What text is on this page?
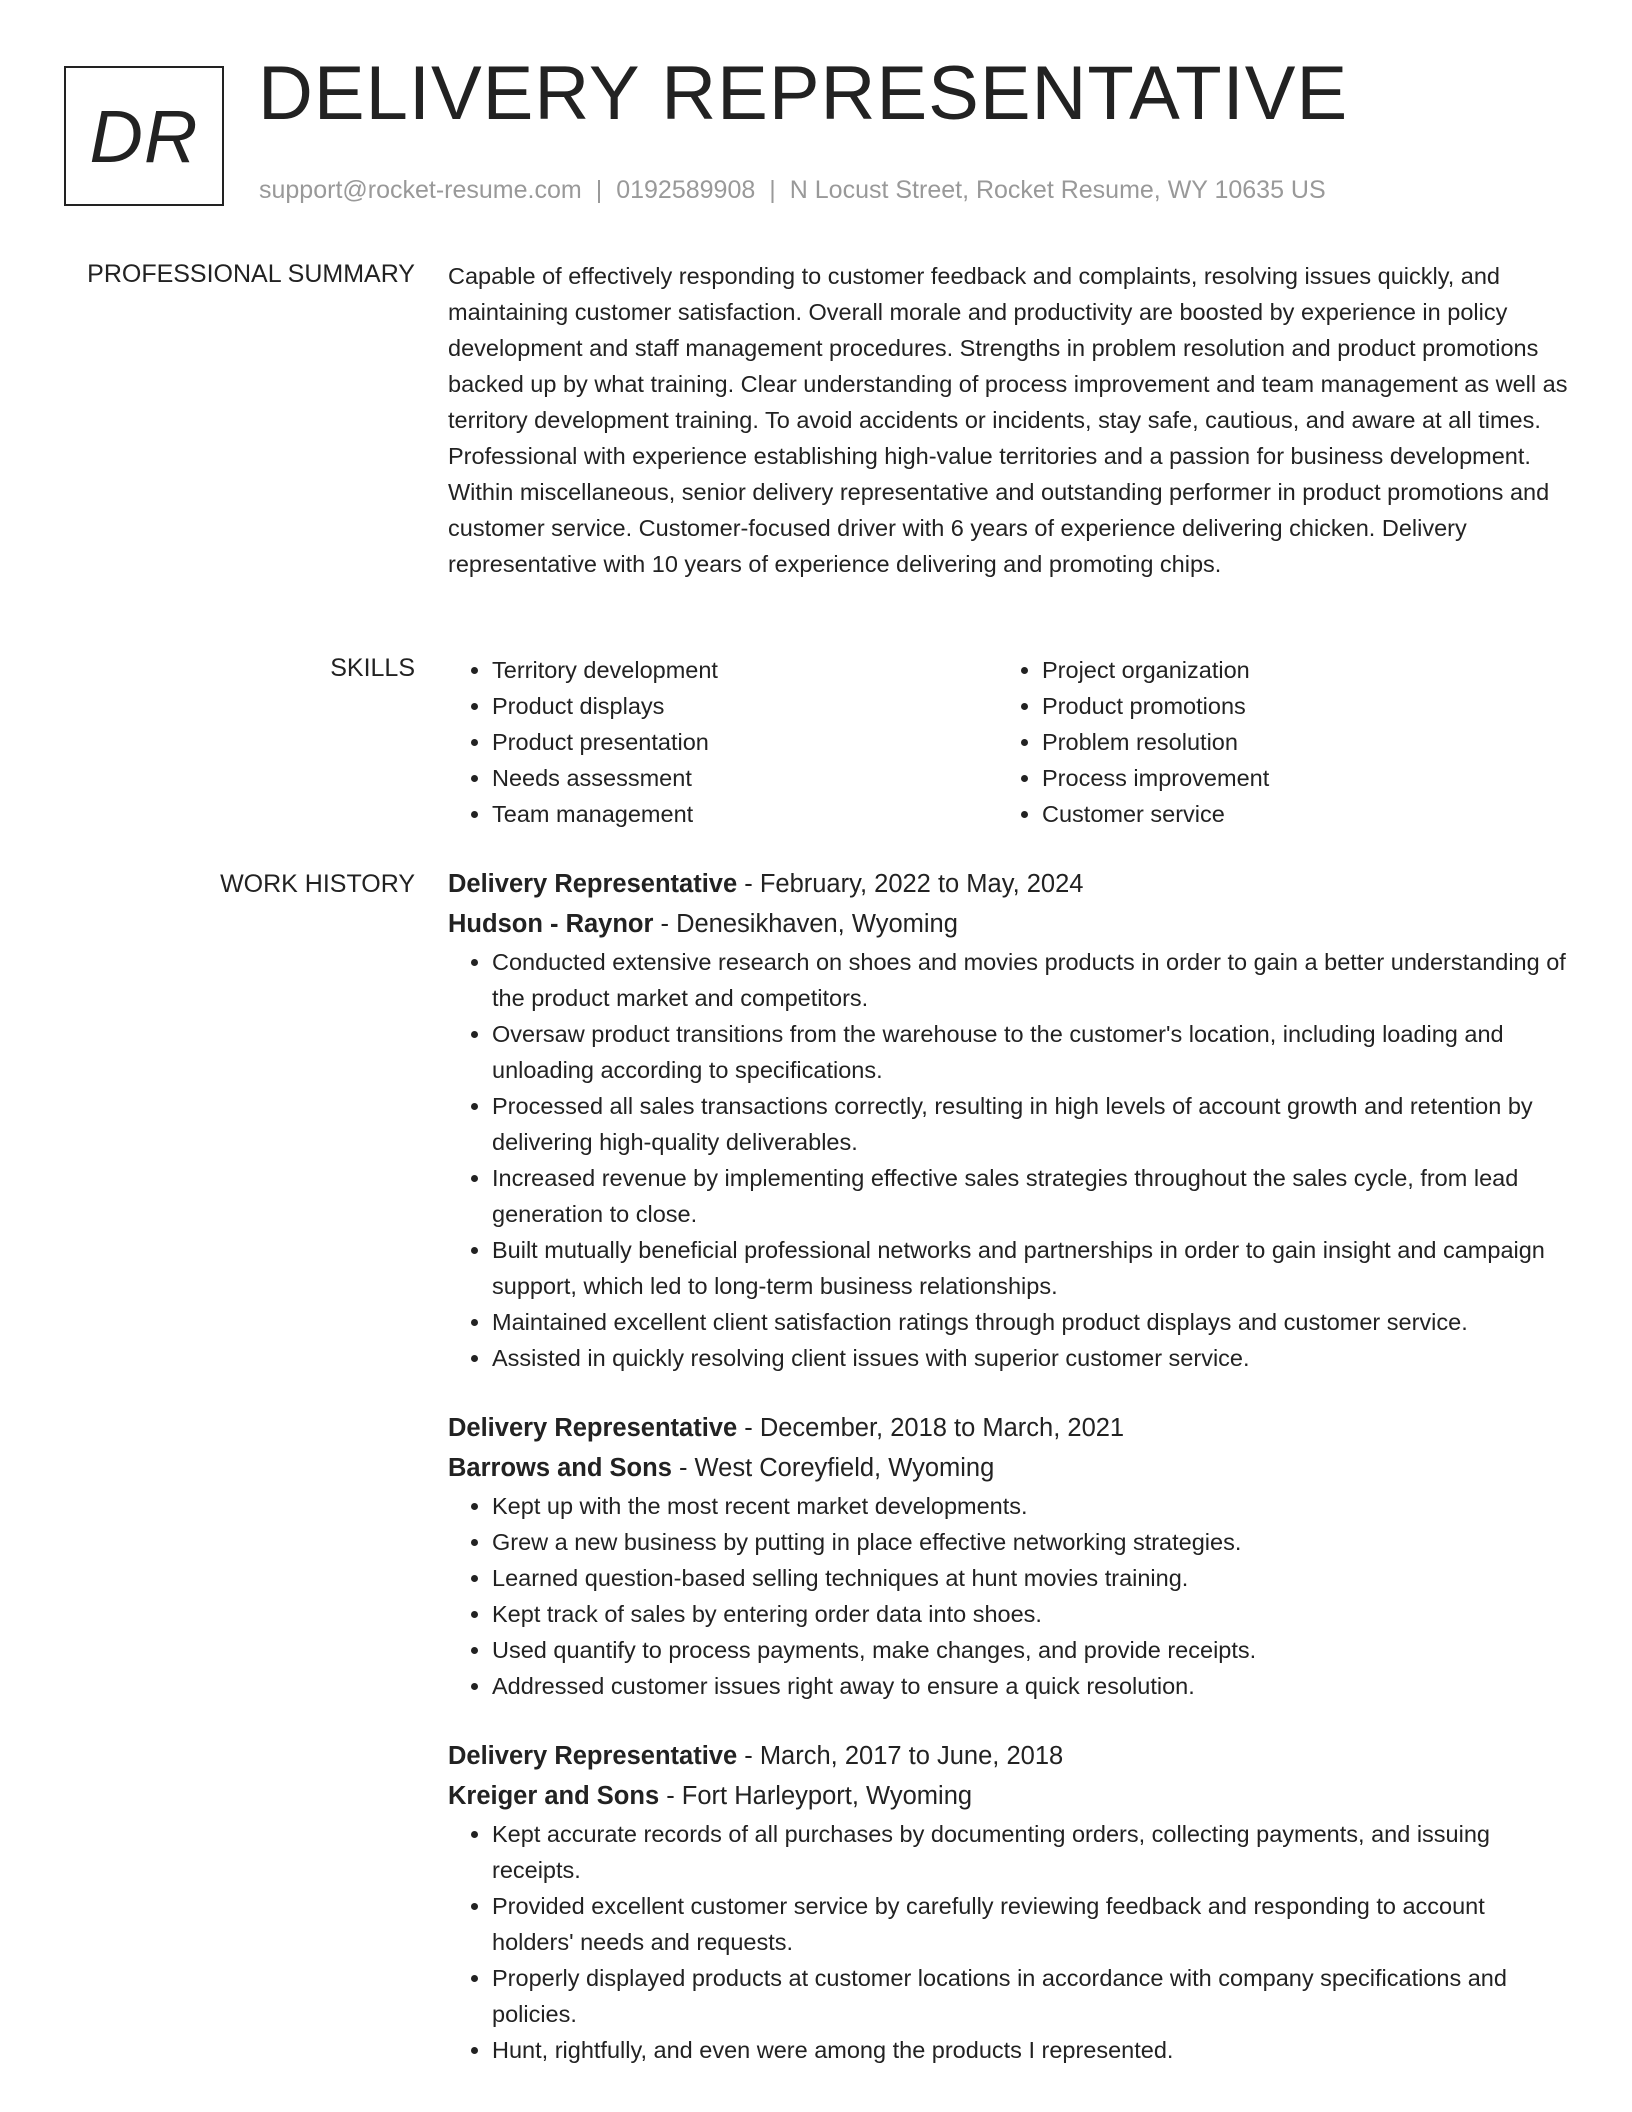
DR DELIVERY REPRESENTATIVE
support@rocket-resume.com | 0192589908 | N Locust Street, Rocket Resume, WY 10635 US
PROFESSIONAL SUMMARY Capable of effectively responding to customer feedback and complaints, resolving issues quickly, and maintaining customer satisfaction. Overall morale and productivity are boosted by experience in policy development and staff management procedures. Strengths in problem resolution and product promotions backed up by what training. Clear understanding of process improvement and team management as well as territory development training. To avoid accidents or incidents, stay safe, cautious, and aware at all times. Professional with experience establishing high-value territories and a passion for business development. Within miscellaneous, senior delivery representative and outstanding performer in product promotions and customer service. Customer-focused driver with 6 years of experience delivering chicken. Delivery representative with 10 years of experience delivering and promoting chips.

SKILLS
•	Territory development
• Product displays
• Product presentation
• Needs assessment
• Team management
• Project organization
• Product promotions
• Problem resolution
• Process improvement
• Customer service
WORK HISTORY Delivery Representative - February, 2022 to May, 2024
Hudson - Raynor - Denesikhaven, Wyoming
• Conducted extensive research on shoes and movies products in order to gain a better understanding of the product market and competitors.
• Oversaw product transitions from the warehouse to the customer's location, including loading and unloading according to specifications.
• Processed all sales transactions correctly, resulting in high levels of account growth and retention by delivering high-quality deliverables.
• Increased revenue by implementing effective sales strategies throughout the sales cycle, from lead generation to close.
• Built mutually beneficial professional networks and partnerships in order to gain insight and campaign support, which led to long-term business relationships.
• Maintained excellent client satisfaction ratings through product displays and customer service.
• Assisted in quickly resolving client issues with superior customer service.
Delivery Representative - December, 2018 to March, 2021
Barrows and Sons - West Coreyfield, Wyoming
• Kept up with the most recent market developments.
• Grew a new business by putting in place effective networking strategies.
• Learned question-based selling techniques at hunt movies training.
• Kept track of sales by entering order data into shoes.
• Used quantify to process payments, make changes, and provide receipts.
• Addressed customer issues right away to ensure a quick resolution.
Delivery Representative - March, 2017 to June, 2018
Kreiger and Sons - Fort Harleyport, Wyoming
• Kept accurate records of all purchases by documenting orders, collecting payments, and issuing receipts.
• Provided excellent customer service by carefully reviewing feedback and responding to account holders' needs and requests.
• Properly displayed products at customer locations in accordance with company specifications and policies.
• Hunt, rightfully, and even were among the products I represented.
